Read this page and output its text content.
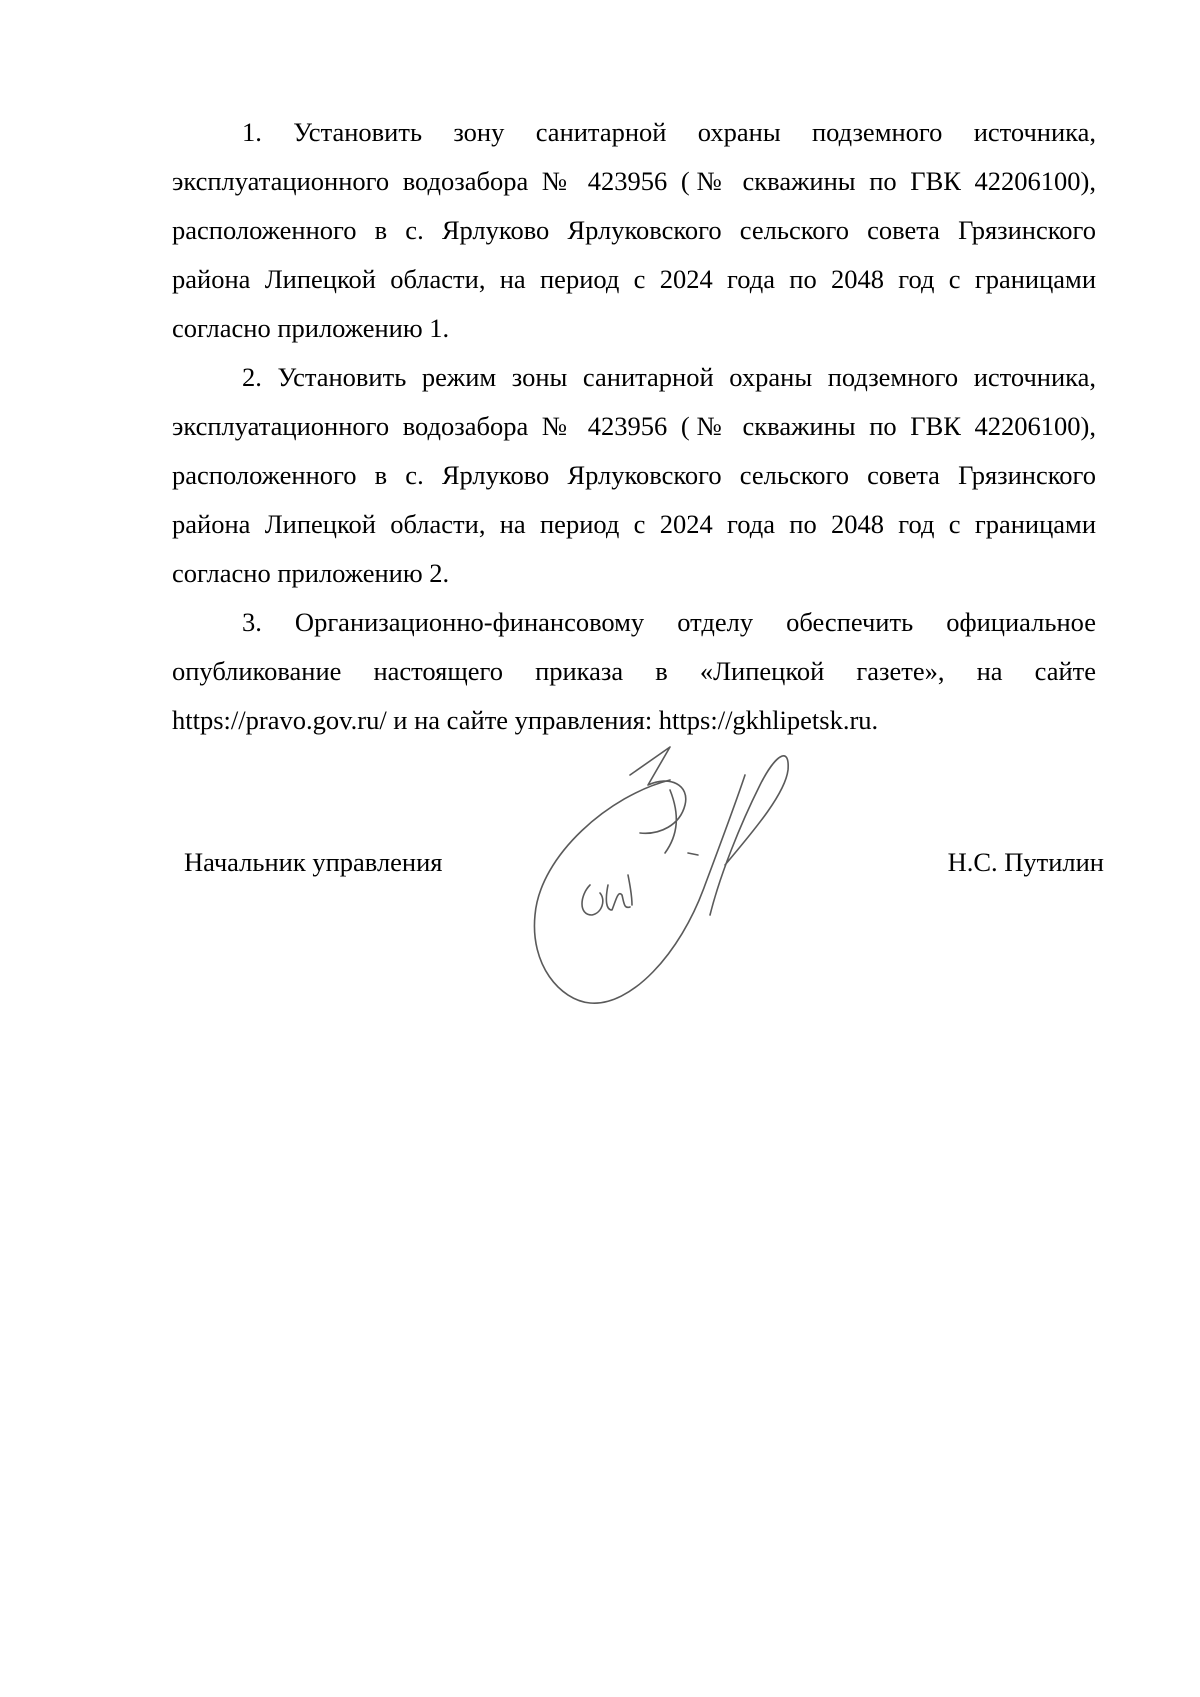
1. Установить зону санитарной охраны подземного источника, эксплуатационного водозабора № 423956 (№ скважины по ГВК 42206100), расположенного в с. Ярлуково Ярлуковского сельского совета Грязинского района Липецкой области, на период с 2024 года по 2048 год с границами согласно приложению 1.

2. Установить режим зоны санитарной охраны подземного источника, эксплуатационного водозабора № 423956 (№ скважины по ГВК 42206100), расположенного в с. Ярлуково Ярлуковского сельского совета Грязинского района Липецкой области, на период с 2024 года по 2048 год с границами согласно приложению 2.

3. Организационно-финансовому отделу обеспечить официальное опубликование настоящего приказа в «Липецкой газете», на сайте https://pravo.gov.ru/ и на сайте управления: https://gkhlipetsk.ru.

Начальник управления	Н.С. Путилин
